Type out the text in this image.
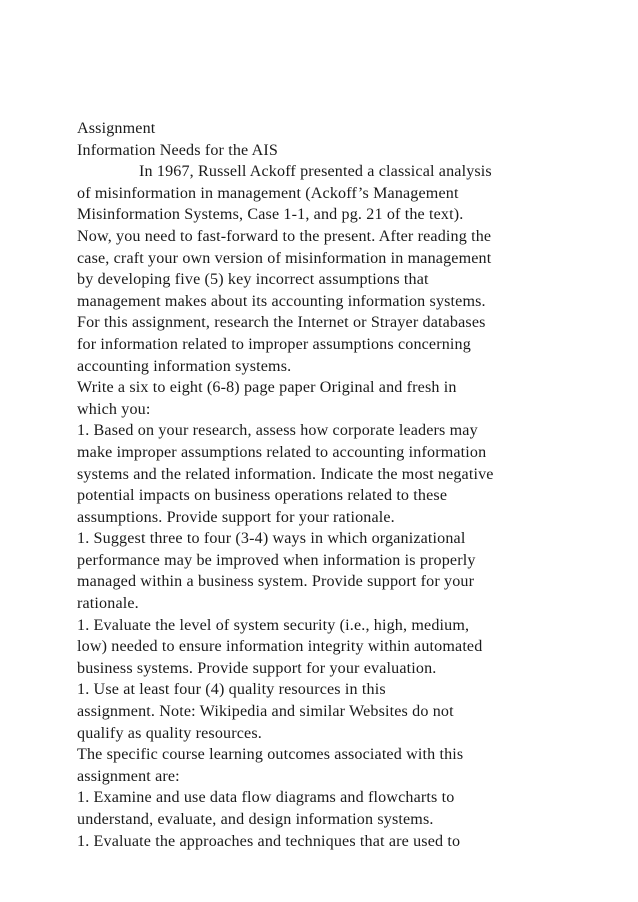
Assignment
Information Needs for the AIS
In 1967, Russell Ackoff presented a classical analysis
of misinformation in management (Ackoff’s Management
Misinformation Systems, Case 1-1, and pg. 21 of the text).
Now, you need to fast-forward to the present. After reading the
case, craft your own version of misinformation in management
by developing five (5) key incorrect assumptions that
management makes about its accounting information systems.
For this assignment, research the Internet or Strayer databases
for information related to improper assumptions concerning
accounting information systems.
Write a six to eight (6-8) page paper Original and fresh in
which you:
1. Based on your research, assess how corporate leaders may
make improper assumptions related to accounting information
systems and the related information. Indicate the most negative
potential impacts on business operations related to these
assumptions. Provide support for your rationale.
1. Suggest three to four (3-4) ways in which organizational
performance may be improved when information is properly
managed within a business system. Provide support for your
rationale.
1. Evaluate the level of system security (i.e., high, medium,
low) needed to ensure information integrity within automated
business systems. Provide support for your evaluation.
1. Use at least four (4) quality resources in this
assignment. Note: Wikipedia and similar Websites do not
qualify as quality resources.
The specific course learning outcomes associated with this
assignment are:
1. Examine and use data flow diagrams and flowcharts to
understand, evaluate, and design information systems.
1. Evaluate the approaches and techniques that are used to
